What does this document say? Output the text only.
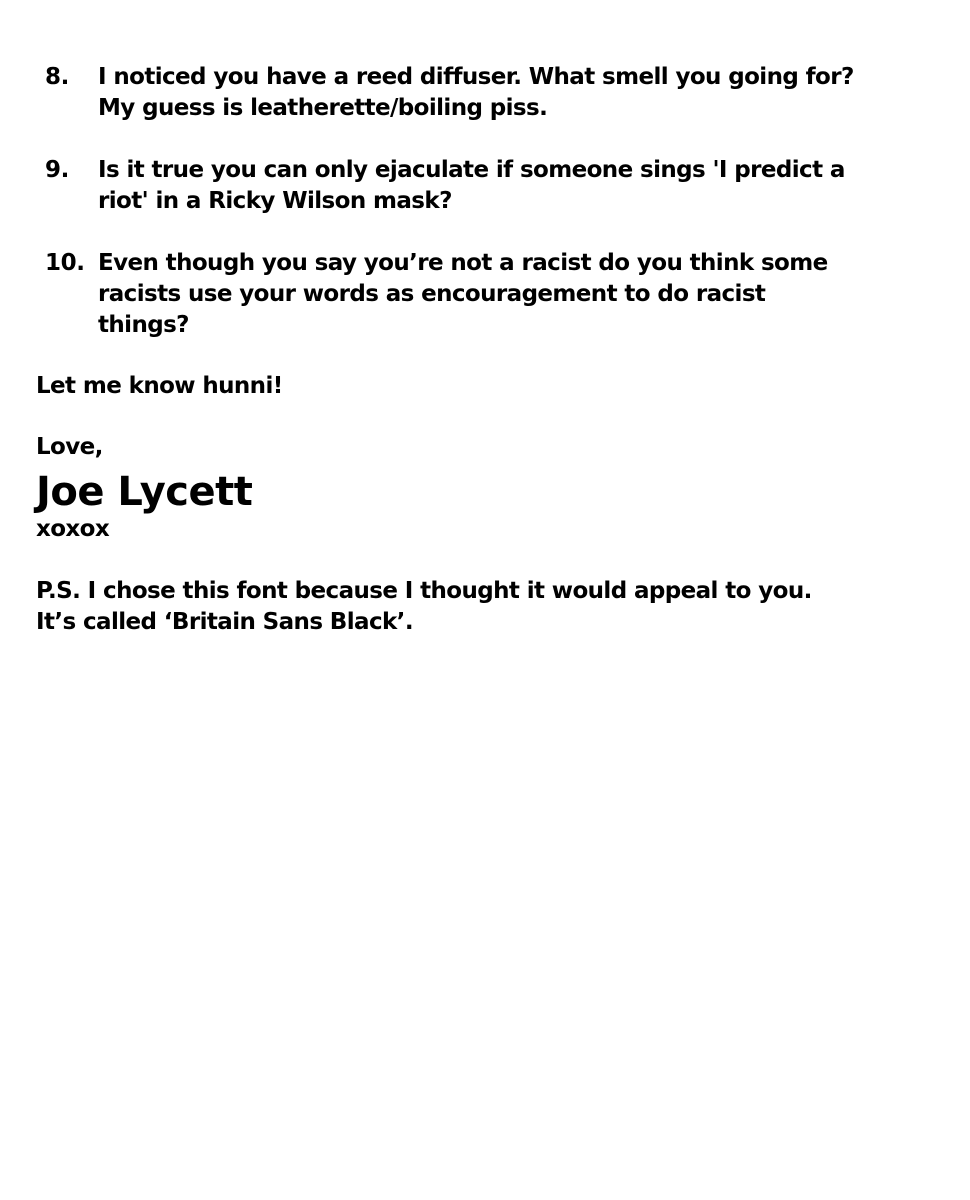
8. I noticed you have a reed diffuser. What smell you going for?
My guess is leatherette/boiling piss.
9. Is it true you can only ejaculate if someone sings 'I predict a
riot' in a Ricky Wilson mask?
10. Even though you say you’re not a racist do you think some
racists use your words as encouragement to do racist
things?
Let me know hunni!
Love,
Joe Lycett
xoxox
P.S. I chose this font because I thought it would appeal to you.
It’s called ‘Britain Sans Black’.
